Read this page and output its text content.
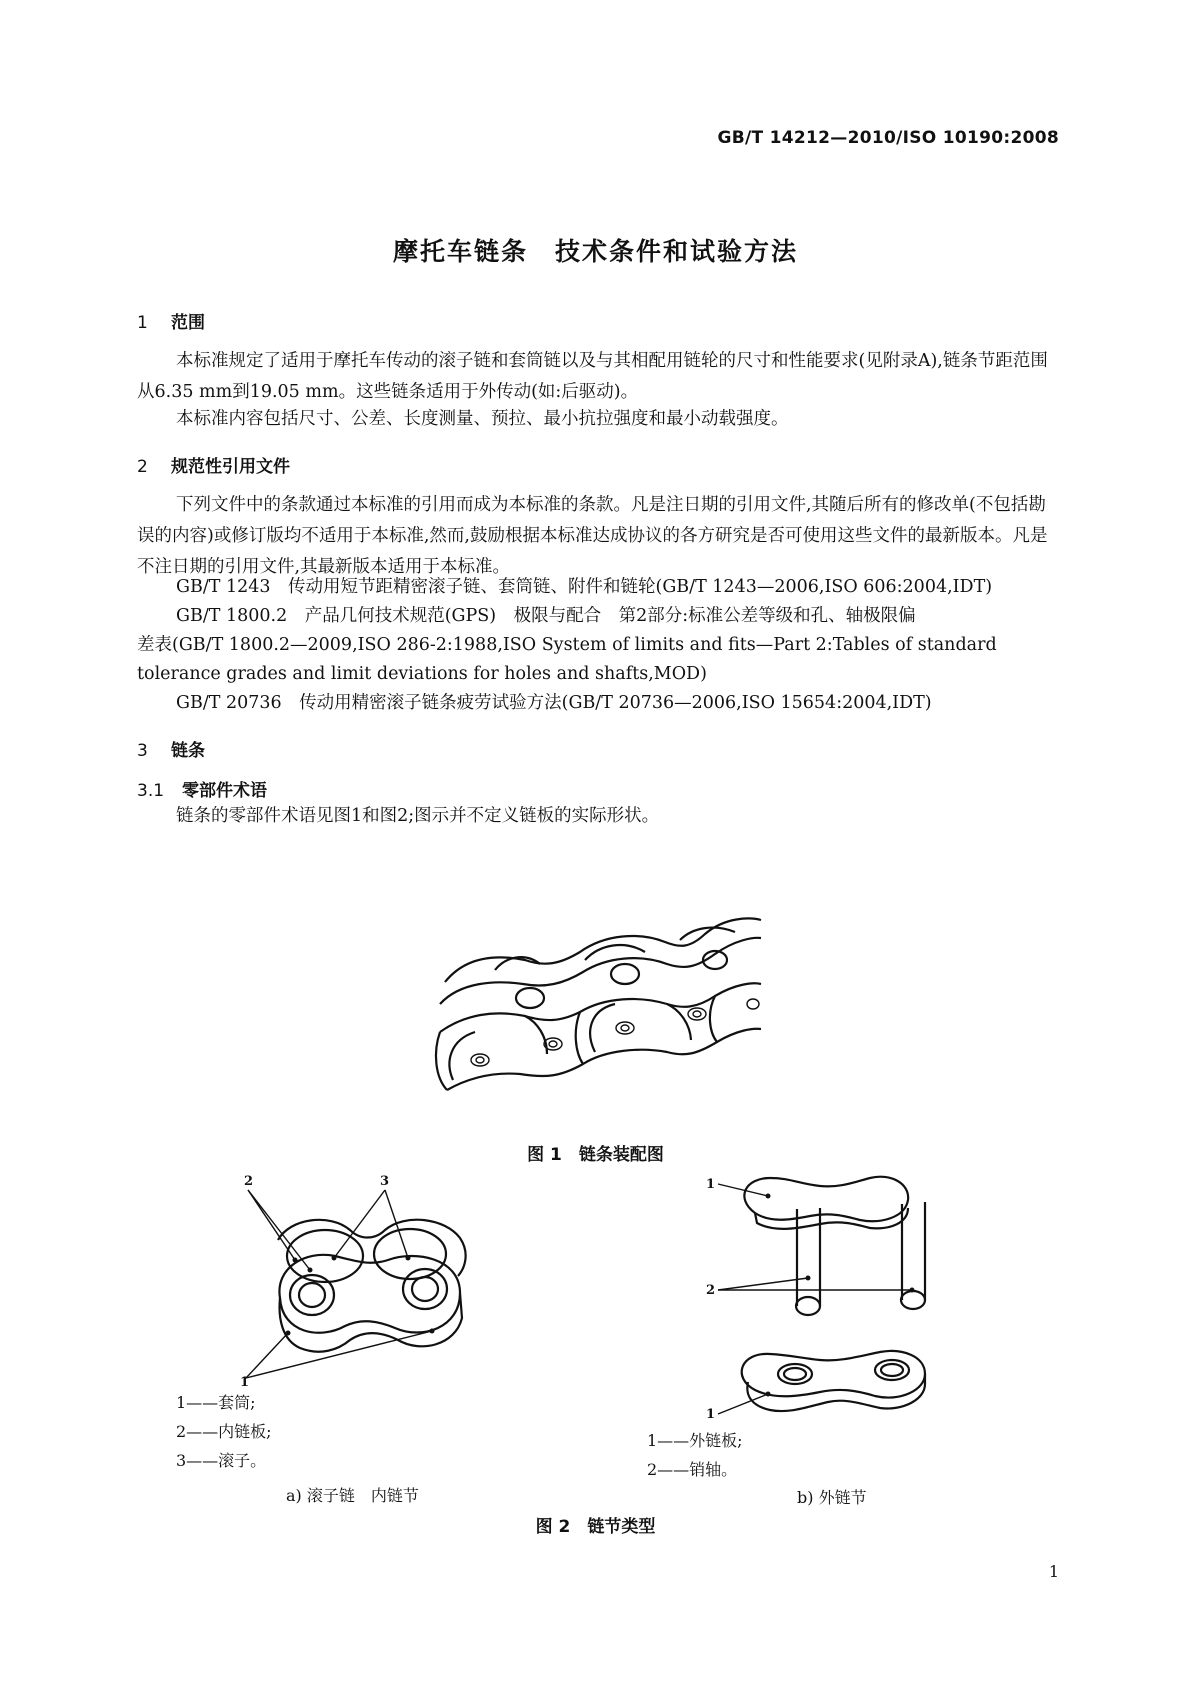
GB/T 14212—2010/ISO 10190:2008
摩托车链条　技术条件和试验方法
1 范围
本标准规定了适用于摩托车传动的滚子链和套筒链以及与其相配用链轮的尺寸和性能要求(见附录A),链条节距范围从6.35 mm到19.05 mm。这些链条适用于外传动(如:后驱动)。
本标准内容包括尺寸、公差、长度测量、预拉、最小抗拉强度和最小动载强度。
2 规范性引用文件
下列文件中的条款通过本标准的引用而成为本标准的条款。凡是注日期的引用文件,其随后所有的修改单(不包括勘误的内容)或修订版均不适用于本标准,然而,鼓励根据本标准达成协议的各方研究是否可使用这些文件的最新版本。凡是不注日期的引用文件,其最新版本适用于本标准。
GB/T 1243　传动用短节距精密滚子链、套筒链、附件和链轮(GB/T 1243—2006,ISO 606:2004,IDT)
GB/T 1800.2　产品几何技术规范(GPS)　极限与配合　第2部分:标准公差等级和孔、轴极限偏
差表(GB/T 1800.2—2009,ISO 286-2:1988,ISO System of limits and fits—Part 2:Tables of standard
tolerance grades and limit deviations for holes and shafts,MOD)
GB/T 20736　传动用精密滚子链条疲劳试验方法(GB/T 20736—2006,ISO 15654:2004,IDT)
3 链条
3.1 零部件术语
链条的零部件术语见图1和图2;图示并不定义链板的实际形状。
图 1　链条装配图
2	3
1
1——套筒;
2——内链板;
3——滚子。
a) 滚子链　内链节
1
2
1
1——外链板;
2——销轴。
b) 外链节
图 2　链节类型
1
